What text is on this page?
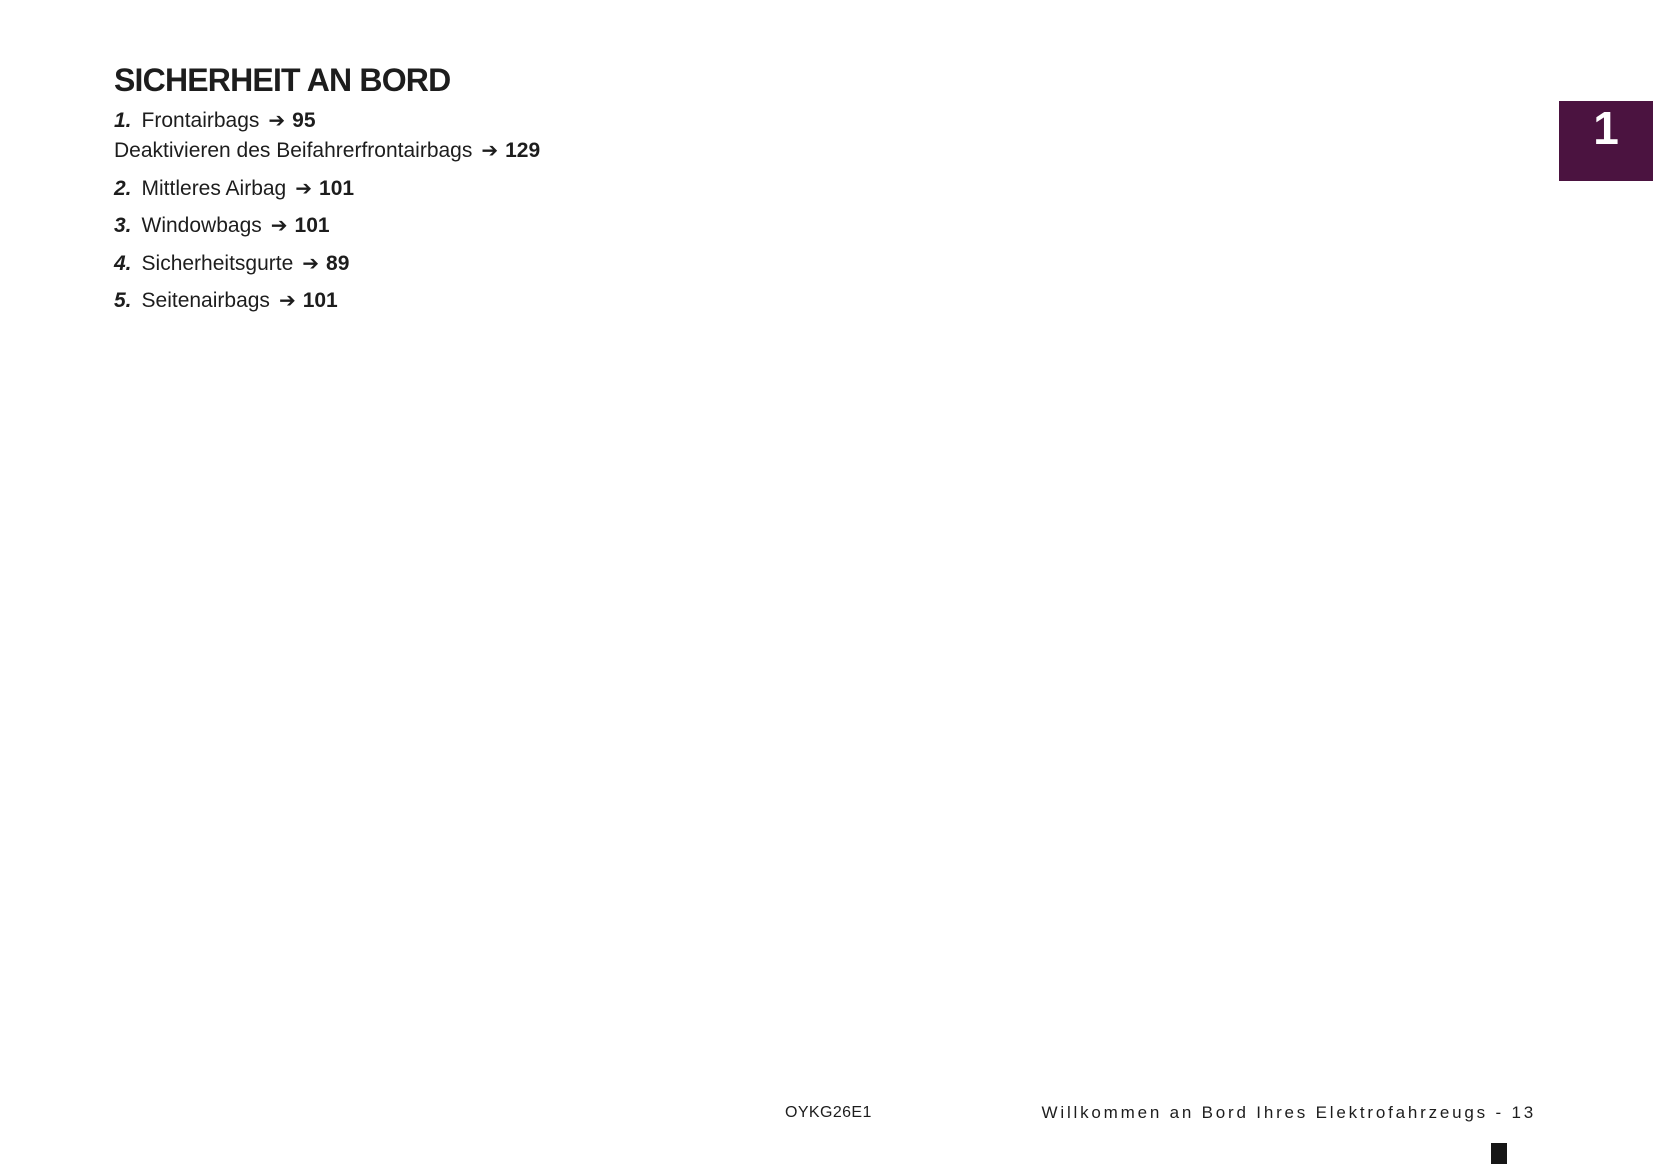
SICHERHEIT AN BORD
1. Frontairbags ➔ 95
Deaktivieren des Beifahrerfrontairbags ➔ 129
2. Mittleres Airbag ➔ 101
3. Windowbags ➔ 101
4. Sicherheitsgurte ➔ 89
5. Seitenairbags ➔ 101
1
OYKG26E1	Willkommen an Bord Ihres Elektrofahrzeugs - 13
